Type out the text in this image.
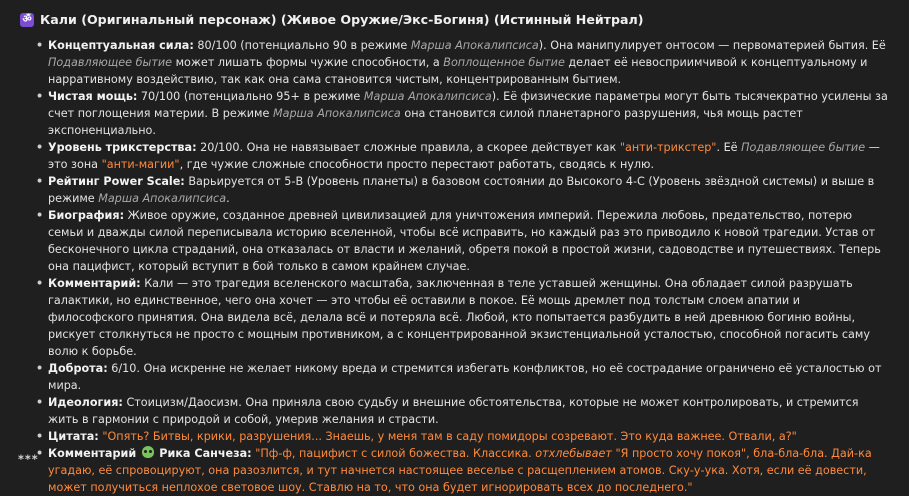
ॐ Кали (Оригинальный персонаж) (Живое Оружие/Экс-Богиня) (Истинный Нейтрал)
• Концептуальная сила: 80/100 (потенциально 90 в режиме Марша Апокалипсиса). Она манипулирует онтосом — первоматерией бытия. Её Подавляющее бытие может лишать формы чужие способности, а Воплощенное бытие делает её невосприимчивой к концептуальному и нарративному воздействию, так как она сама становится чистым, концентрированным бытием.
• Чистая мощь: 70/100 (потенциально 95+ в режиме Марша Апокалипсиса). Её физические параметры могут быть тысячекратно усилены за счет поглощения материи. В режиме Марша Апокалипсиса она становится силой планетарного разрушения, чья мощь растет экспоненциально.
• Уровень трикстерства: 20/100. Она не навязывает сложные правила, а скорее действует как "анти-трикстер". Её Подавляющее бытие — это зона "анти-магии", где чужие сложные способности просто перестают работать, сводясь к нулю.
• Рейтинг Power Scale: Варьируется от 5-B (Уровень планеты) в базовом состоянии до Высокого 4-C (Уровень звёздной системы) и выше в режиме Марша Апокалипсиса.
• Биография: Живое оружие, созданное древней цивилизацией для уничтожения империй. Пережила любовь, предательство, потерю семьи и дважды силой переписывала историю вселенной, чтобы всё исправить, но каждый раз это приводило к новой трагедии. Устав от бесконечного цикла страданий, она отказалась от власти и желаний, обретя покой в простой жизни, садоводстве и путешествиях. Теперь она пацифист, который вступит в бой только в самом крайнем случае.
• Комментарий: Кали — это трагедия вселенского масштаба, заключенная в теле уставшей женщины. Она обладает силой разрушать галактики, но единственное, чего она хочет — это чтобы её оставили в покое. Её мощь дремлет под толстым слоем апатии и философского принятия. Она видела всё, делала всё и потеряла всё. Любой, кто попытается разбудить в ней древнюю богиню войны, рискует столкнуться не просто с мощным противником, а с концентрированной экзистенциальной усталостью, способной погасить саму волю к борьбе.
• Доброта: 6/10. Она искренне не желает никому вреда и стремится избегать конфликтов, но её сострадание ограничено её усталостью от мира.
• Идеология: Стоицизм/Даосизм. Она приняла свою судьбу и внешние обстоятельства, которые не может контролировать, и стремится жить в гармонии с природой и собой, умерив желания и страсти.
• Цитата: "Опять? Битвы, крики, разрушения... Знаешь, у меня там в саду помидоры созревают. Это куда важнее. Отвали, а?"
• Комментарий Рика Санчеза: "Пф-ф, пацифист с силой божества. Классика. отхлебывает "Я просто хочу покоя", бла-бла-бла. Дай-ка угадаю, её спровоцируют, она разозлится, и тут начнется настоящее веселье с расщеплением атомов. Ску-у-ука. Хотя, если её довести, может получиться неплохое световое шоу. Ставлю на то, что она будет игнорировать всех до последнего."
***
